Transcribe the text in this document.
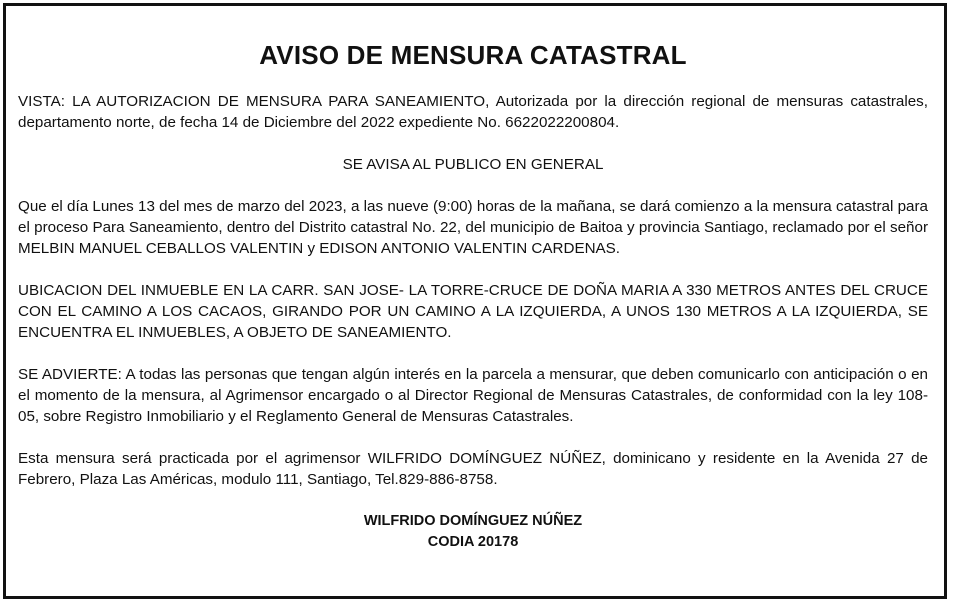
AVISO DE MENSURA CATASTRAL

VISTA: LA AUTORIZACION DE MENSURA PARA SANEAMIENTO, Autorizada por la dirección regional de mensuras catastrales, departamento norte, de fecha 14 de Diciembre del 2022 expediente No. 6622022200804.

SE AVISA AL PUBLICO EN GENERAL

Que el día Lunes 13 del mes de marzo del 2023, a las nueve (9:00) horas de la mañana, se dará comienzo a la mensura catastral para el proceso Para Saneamiento, dentro del Distrito catastral No. 22, del municipio de Baitoa y provincia Santiago, reclamado por el señor MELBIN MANUEL CEBALLOS VALENTIN y EDISON ANTONIO VALENTIN CARDENAS.

UBICACION DEL INMUEBLE EN LA CARR. SAN JOSE- LA TORRE-CRUCE DE DOÑA MARIA A 330 METROS ANTES DEL CRUCE CON EL CAMINO A LOS CACAOS, GIRANDO POR UN CAMINO A LA IZQUIERDA, A UNOS 130 METROS A LA IZQUIERDA, SE ENCUENTRA EL INMUEBLES, A OBJETO DE SANEAMIENTO.

SE ADVIERTE: A todas las personas que tengan algún interés en la parcela a mensurar, que deben comunicarlo con anticipación o en el momento de la mensura, al Agrimensor encargado o al Director Regional de Mensuras Catastrales, de conformidad con la ley 108-05, sobre Registro Inmobiliario y el Reglamento General de Mensuras Catastrales.

Esta mensura será practicada por el agrimensor WILFRIDO DOMÍNGUEZ NÚÑEZ, dominicano y residente en la Avenida 27 de Febrero, Plaza Las Américas, modulo 111, Santiago, Tel.829-886-8758.

WILFRIDO DOMÍNGUEZ NÚÑEZ
CODIA 20178
